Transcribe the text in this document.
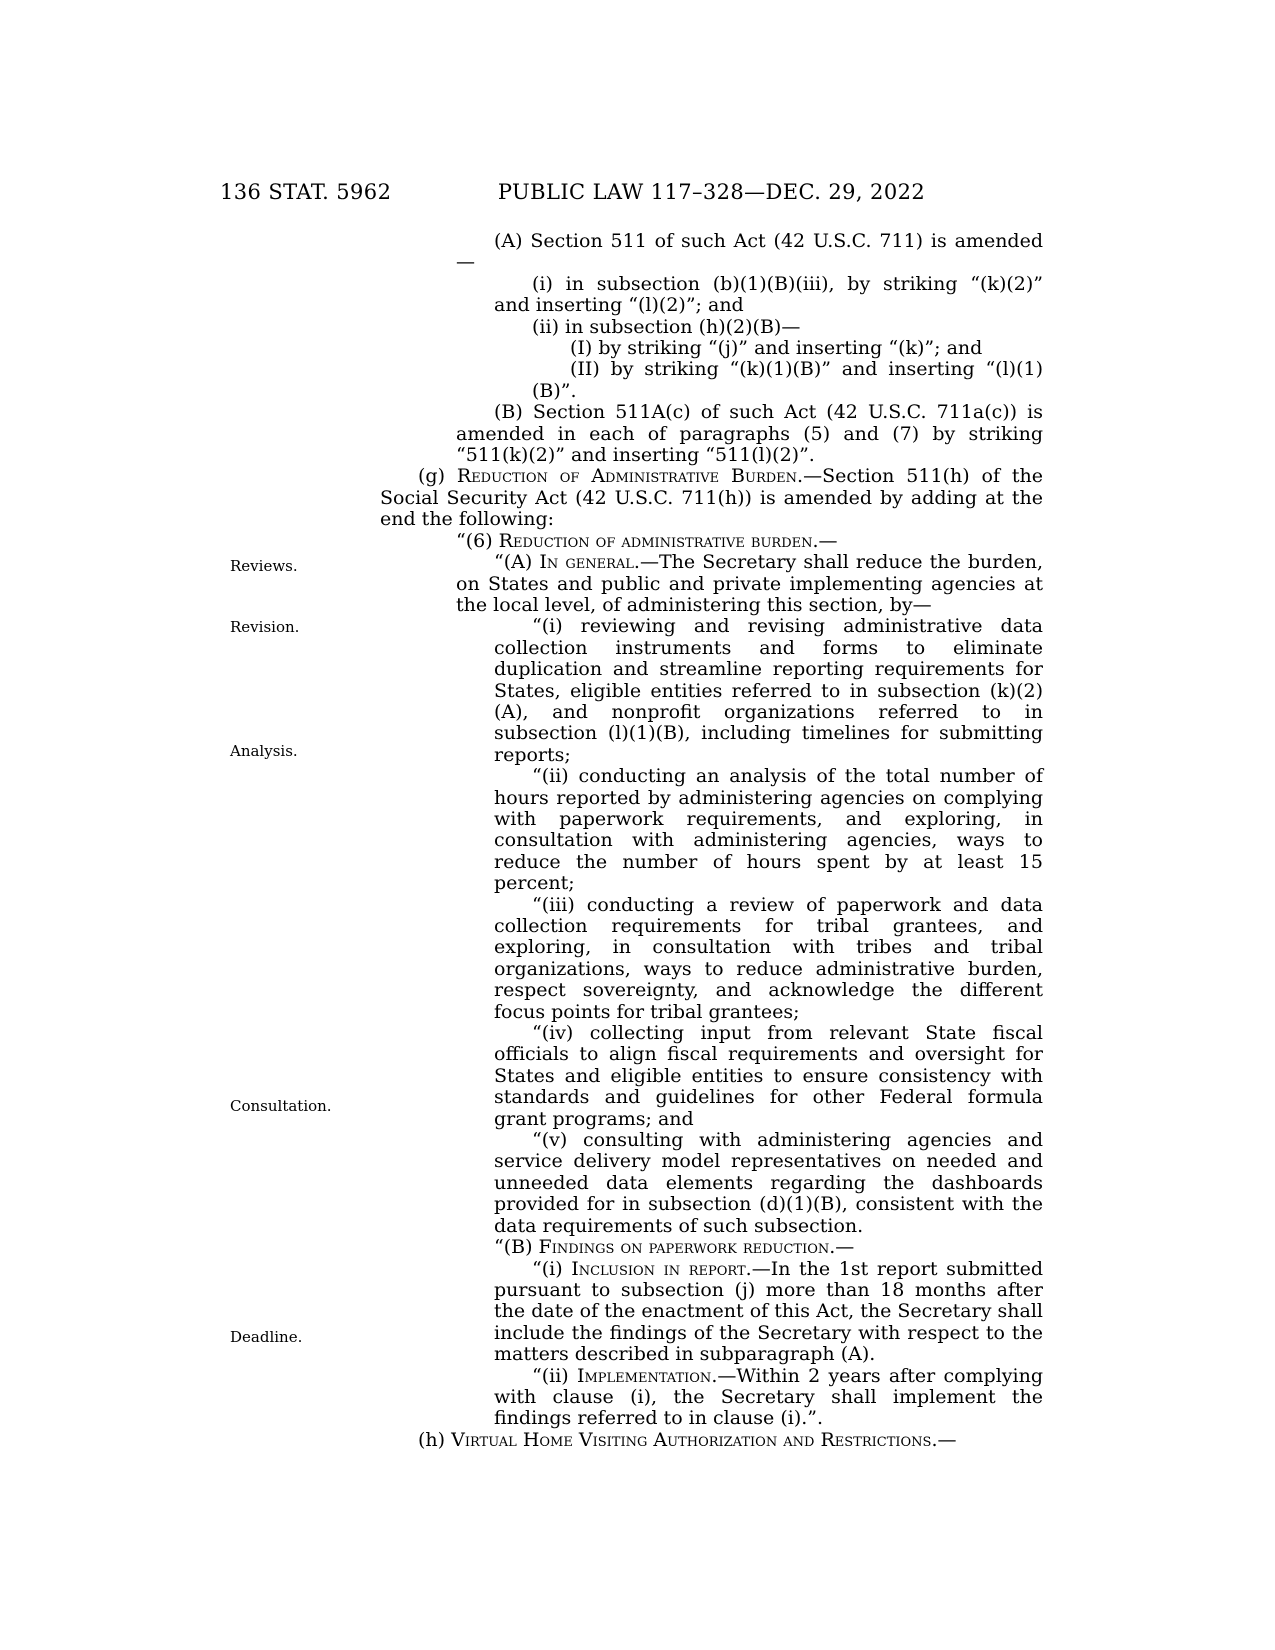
136 STAT. 5962	PUBLIC LAW 117–328—DEC. 29, 2022
Reviews.
Revision.
Analysis.
Consultation.
Deadline.

(A) Section 511 of such Act (42 U.S.C. 711) is amended—

(i) in subsection (b)(1)(B)(iii), by striking “(k)(2)” and inserting “(l)(2)”; and

(ii) in subsection (h)(2)(B)—

(I) by striking “(j)” and inserting “(k)”; and

(II) by striking “(k)(1)(B)” and inserting “(l)(1)(B)”.

(B) Section 511A(c) of such Act (42 U.S.C. 711a(c)) is amended in each of paragraphs (5) and (7) by striking “511(k)(2)” and inserting “511(l)(2)”.

(g) Reduction of Administrative Burden.—Section 511(h) of the Social Security Act (42 U.S.C. 711(h)) is amended by adding at the end the following:

“(6) Reduction of administrative burden.—

“(A) In general.—The Secretary shall reduce the burden, on States and public and private implementing agencies at the local level, of administering this section, by—

“(i) reviewing and revising administrative data collection instruments and forms to eliminate duplication and streamline reporting requirements for States, eligible entities referred to in subsection (k)(2)(A), and nonprofit organizations referred to in subsection (l)(1)(B), including timelines for submitting reports;

“(ii) conducting an analysis of the total number of hours reported by administering agencies on complying with paperwork requirements, and exploring, in consultation with administering agencies, ways to reduce the number of hours spent by at least 15 percent;

“(iii) conducting a review of paperwork and data collection requirements for tribal grantees, and exploring, in consultation with tribes and tribal organizations, ways to reduce administrative burden, respect sovereignty, and acknowledge the different focus points for tribal grantees;

“(iv) collecting input from relevant State fiscal officials to align fiscal requirements and oversight for States and eligible entities to ensure consistency with standards and guidelines for other Federal formula grant programs; and

“(v) consulting with administering agencies and service delivery model representatives on needed and unneeded data elements regarding the dashboards provided for in subsection (d)(1)(B), consistent with the data requirements of such subsection.

“(B) Findings on paperwork reduction.—

“(i) Inclusion in report.—In the 1st report submitted pursuant to subsection (j) more than 18 months after the date of the enactment of this Act, the Secretary shall include the findings of the Secretary with respect to the matters described in subparagraph (A).

“(ii) Implementation.—Within 2 years after complying with clause (i), the Secretary shall implement the findings referred to in clause (i).”.

(h) Virtual Home Visiting Authorization and Restrictions.—
